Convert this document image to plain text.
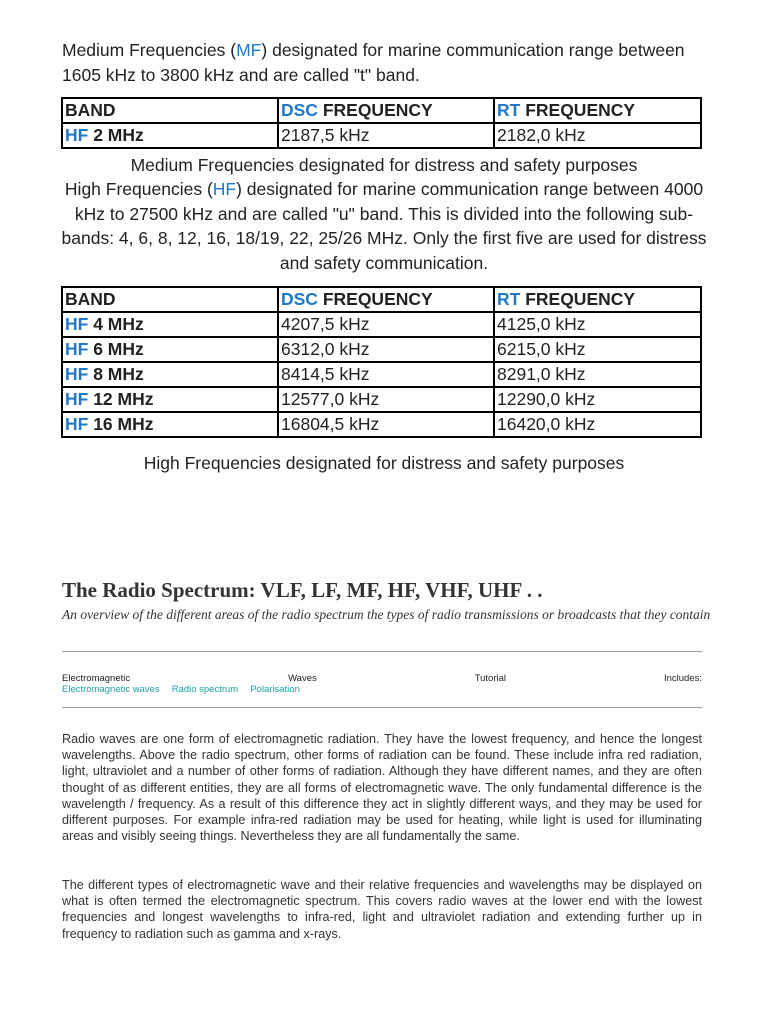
Medium Frequencies (MF) designated for marine communication range between 1605 kHz to 3800 kHz and are called "t" band.

BAND	DSC FREQUENCY	RT FREQUENCY
HF 2 MHz	2187,5 kHz	2182,0 kHz
Medium Frequencies designated for distress and safety purposes
High Frequencies (HF) designated for marine communication range between 4000 kHz to 27500 kHz and are called "u" band. This is divided into the following sub-bands: 4, 6, 8, 12, 16, 18/19, 22, 25/26 MHz. Only the first five are used for distress and safety communication.
BAND	DSC FREQUENCY	RT FREQUENCY
HF 4 MHz	4207,5 kHz	4125,0 kHz
HF 6 MHz	6312,0 kHz	6215,0 kHz
HF 8 MHz	8414,5 kHz	8291,0 kHz
HF 12 MHz	12577,0 kHz	12290,0 kHz
HF 16 MHz	16804,5 kHz	16420,0 kHz
High Frequencies designated for distress and safety purposes
The Radio Spectrum: VLF, LF, MF, HF, VHF, UHF . .
An overview of the different areas of the radio spectrum the types of radio transmissions or broadcasts that they contain
Electromagnetic	Waves	Tutorial	Includes:
Electromagnetic waves Radio spectrum Polarisation

Radio waves are one form of electromagnetic radiation. They have the lowest frequency, and hence the longest wavelengths. Above the radio spectrum, other forms of radiation can be found. These include infra red radiation, light, ultraviolet and a number of other forms of radiation. Although they have different names, and they are often thought of as different entities, they are all forms of electromagnetic wave. The only fundamental difference is the wavelength / frequency. As a result of this difference they act in slightly different ways, and they may be used for different purposes. For example infra-red radiation may be used for heating, while light is used for illuminating areas and visibly seeing things. Nevertheless they are all fundamentally the same.

The different types of electromagnetic wave and their relative frequencies and wavelengths may be displayed on what is often termed the electromagnetic spectrum. This covers radio waves at the lower end with the lowest frequencies and longest wavelengths to infra-red, light and ultraviolet radiation and extending further up in frequency to radiation such as gamma and x-rays.
